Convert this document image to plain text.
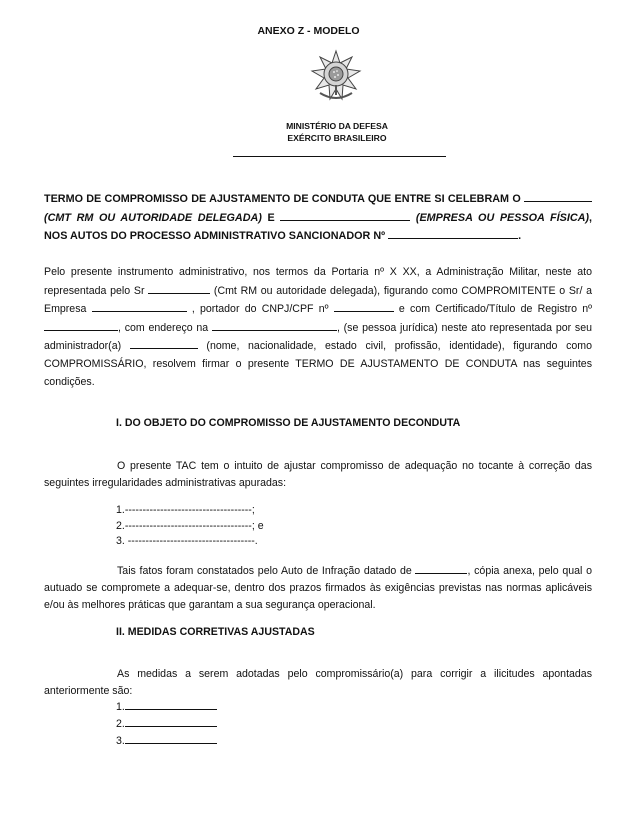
ANEXO Z - MODELO
MINISTÉRIO DA DEFESA
EXÉRCITO BRASILEIRO
TERMO DE COMPROMISSO DE AJUSTAMENTO DE CONDUTA QUE ENTRE SI CELEBRAM O  (CMT RM OU AUTORIDADE DELEGADA) E	(EMPRESA OU PESSOA FÍSICA), NOS AUTOS DO PROCESSO ADMINISTRATIVO SANCIONADOR Nº	.
Pelo presente instrumento administrativo, nos termos da Portaria nº X XX, a Administração Militar, neste ato representada pelo Sr	(Cmt RM ou autoridade delegada), figurando como COMPROMITENTE o Sr/ a Empresa	, portador do CNPJ/CPF nº	e com Certificado/Título de Registro nº , com endereço na	, (se pessoa jurídica) neste ato representada por seu administrador(a)	(nome, nacionalidade, estado civil, profissão, identidade), figurando como COMPROMISSÁRIO, resolvem firmar o presente TERMO DE AJUSTAMENTO DE CONDUTA nas seguintes condições.
I. DO OBJETO DO COMPROMISSO DE AJUSTAMENTO DECONDUTA
O presente TAC tem o intuito de ajustar compromisso de adequação no tocante à correção das seguintes irregularidades administrativas apuradas:
1.------------------------------------;
2.------------------------------------; e
3. ------------------------------------.
Tais fatos foram constatados pelo Auto de Infração datado de	, cópia anexa, pelo qual o autuado se compromete a adequar-se, dentro dos prazos firmados às exigências previstas nas normas aplicáveis e/ou às melhores práticas que garantam a sua segurança operacional.
II. MEDIDAS CORRETIVAS AJUSTADAS
As medidas a serem adotadas pelo compromissário(a) para corrigir a ilicitudes apontadas anteriormente são:
1.
2.
3.
